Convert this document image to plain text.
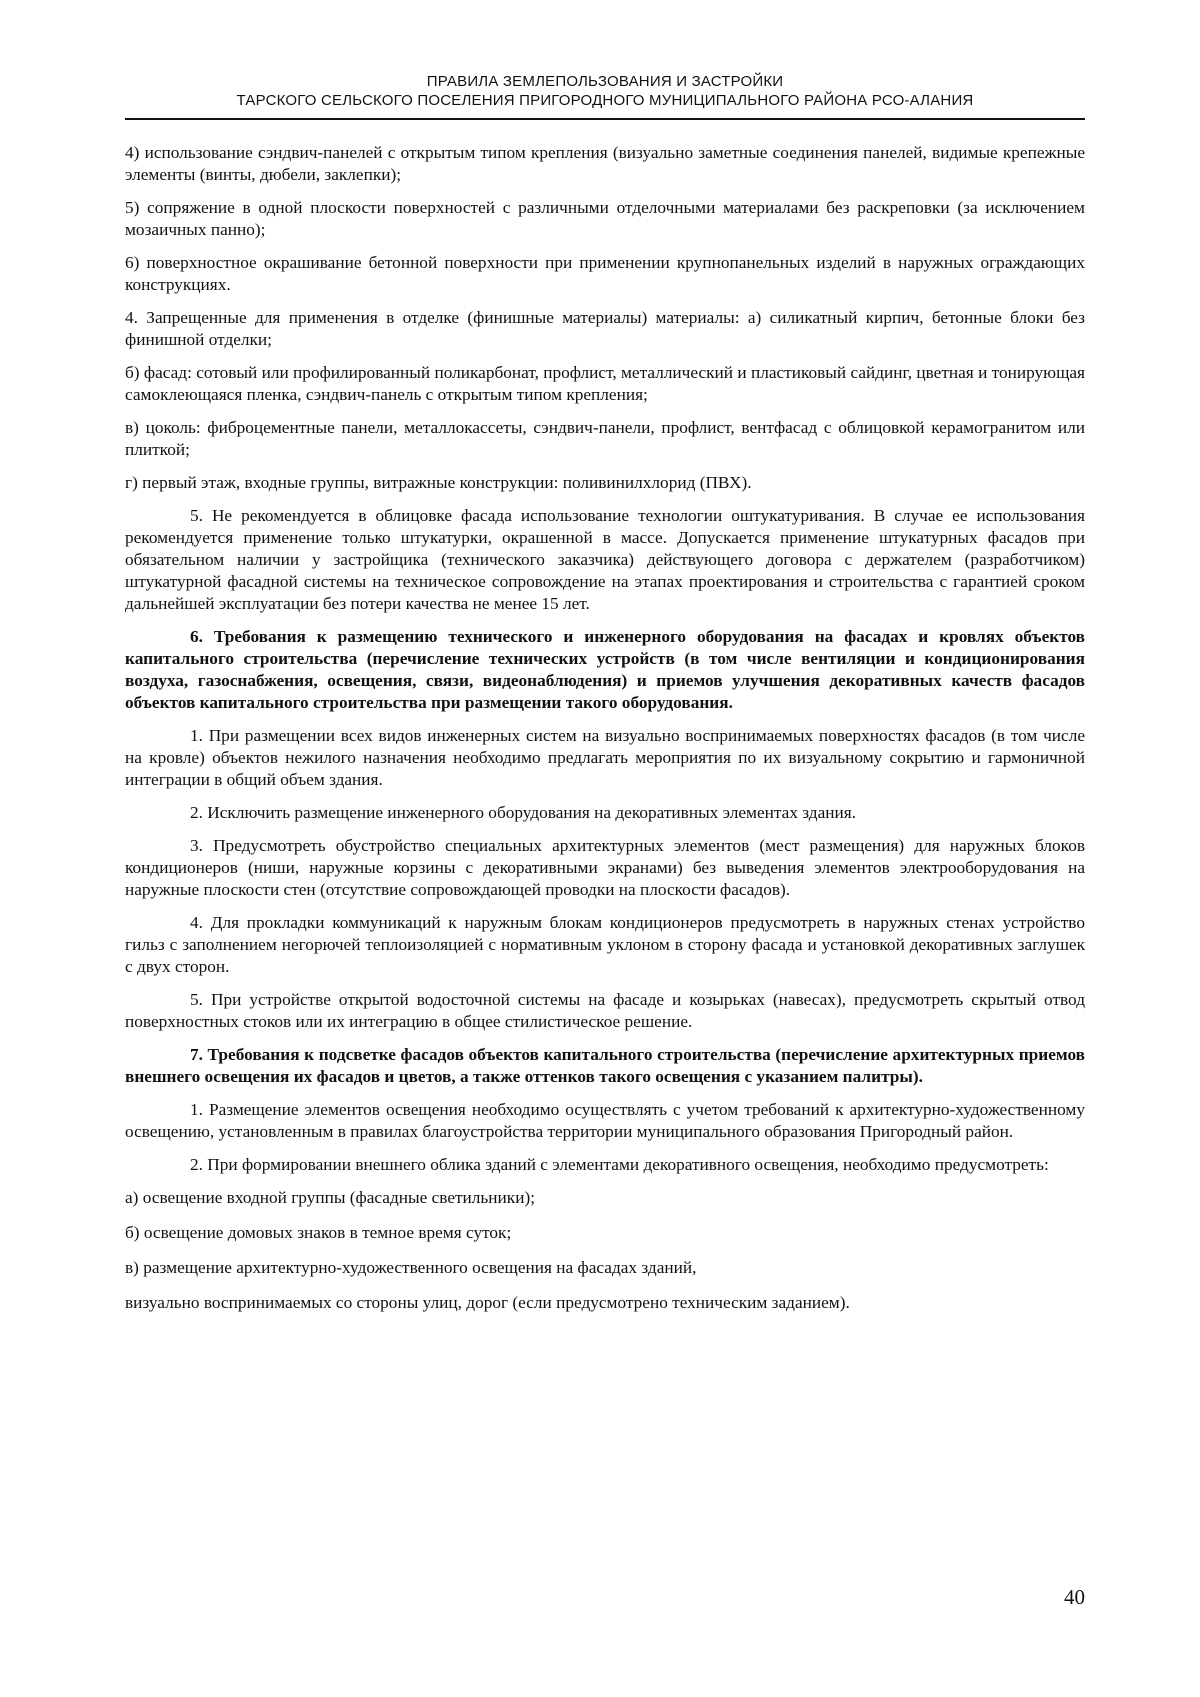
ПРАВИЛА ЗЕМЛЕПОЛЬЗОВАНИЯ И ЗАСТРОЙКИ
ТАРСКОГО СЕЛЬСКОГО ПОСЕЛЕНИЯ ПРИГОРОДНОГО МУНИЦИПАЛЬНОГО РАЙОНА РСО-АЛАНИЯ

4) использование сэндвич-панелей с открытым типом крепления (визуально заметные соединения панелей, видимые крепежные элементы (винты, дюбели, заклепки);

5) сопряжение в одной плоскости поверхностей с различными отделочными материалами без раскреповки (за исключением мозаичных панно);

6) поверхностное окрашивание бетонной поверхности при применении крупнопанельных изделий в наружных ограждающих конструкциях.

4. Запрещенные для применения в отделке (финишные материалы) материалы: а) силикатный кирпич, бетонные блоки без финишной отделки;

б) фасад: сотовый или профилированный поликарбонат, профлист, металлический и пластиковый сайдинг, цветная и тонирующая самоклеющаяся пленка, сэндвич-панель с открытым типом крепления;

в) цоколь: фиброцементные панели, металлокассеты, сэндвич-панели, профлист, вентфасад с облицовкой керамогранитом или плиткой;

г) первый этаж, входные группы, витражные конструкции: поливинилхлорид (ПВХ).

5. Не рекомендуется в облицовке фасада использование технологии оштукатуривания. В случае ее использования рекомендуется применение только штукатурки, окрашенной в массе. Допускается применение штукатурных фасадов при обязательном наличии у застройщика (технического заказчика) действующего договора с держателем (разработчиком) штукатурной фасадной системы на техническое сопровождение на этапах проектирования и строительства с гарантией сроком дальнейшей эксплуатации без потери качества не менее 15 лет.

6. Требования к размещению технического и инженерного оборудования на фасадах и кровлях объектов капитального строительства (перечисление технических устройств (в том числе вентиляции и кондиционирования воздуха, газоснабжения, освещения, связи, видеонаблюдения) и приемов улучшения декоративных качеств фасадов объектов капитального строительства при размещении такого оборудования.

1. При размещении всех видов инженерных систем на визуально воспринимаемых поверхностях фасадов (в том числе на кровле) объектов нежилого назначения необходимо предлагать мероприятия по их визуальному сокрытию и гармоничной интеграции в общий объем здания.

2. Исключить размещение инженерного оборудования на декоративных элементах здания.

3. Предусмотреть обустройство специальных архитектурных элементов (мест размещения) для наружных блоков кондиционеров (ниши, наружные корзины с декоративными экранами) без выведения элементов электрооборудования на наружные плоскости стен (отсутствие сопровождающей проводки на плоскости фасадов).

4. Для прокладки коммуникаций к наружным блокам кондиционеров предусмотреть в наружных стенах устройство гильз с заполнением негорючей теплоизоляцией с нормативным уклоном в сторону фасада и установкой декоративных заглушек с двух сторон.

5. При устройстве открытой водосточной системы на фасаде и козырьках (навесах), предусмотреть скрытый отвод поверхностных стоков или их интеграцию в общее стилистическое решение.

7. Требования к подсветке фасадов объектов капитального строительства (перечисление архитектурных приемов внешнего освещения их фасадов и цветов, а также оттенков такого освещения с указанием палитры).

1. Размещение элементов освещения необходимо осуществлять с учетом требований к архитектурно-художественному освещению, установленным в правилах благоустройства территории муниципального образования Пригородный район.

2. При формировании внешнего облика зданий с элементами декоративного освещения, необходимо предусмотреть:

а) освещение входной группы (фасадные светильники);

б) освещение домовых знаков в темное время суток;

в) размещение архитектурно-художественного освещения на фасадах зданий,

визуально воспринимаемых со стороны улиц, дорог (если предусмотрено техническим заданием).

40
